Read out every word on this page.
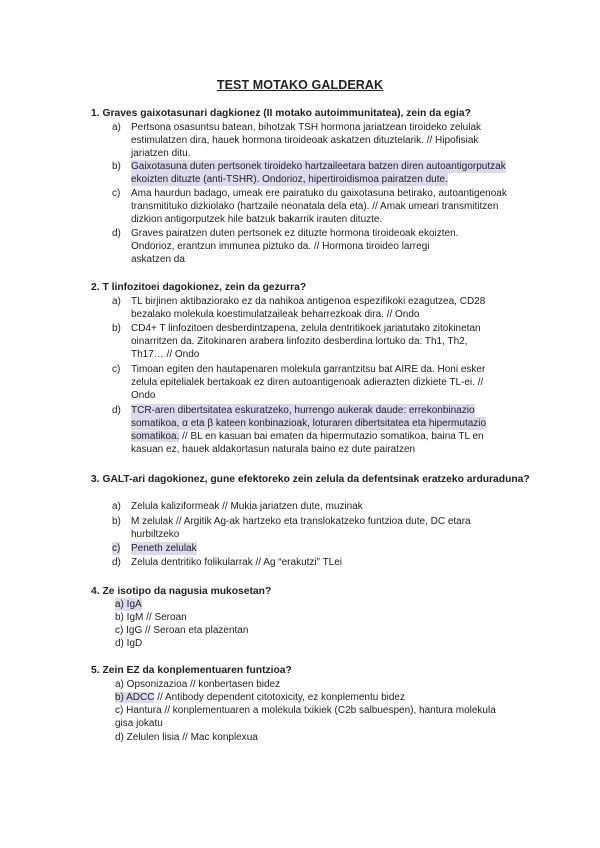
TEST MOTAKO GALDERAK
1. Graves gaixotasunari dagkionez (II motako autoimmunitatea), zein da egia?
a) Pertsona osasuntsu batean, bihotzak TSH hormona jariatzean tiroideko zelulak
estimulatzen dira, hauek hormona tiroideoak askatzen dituztelarik. // Hipofisiak
jariatzen ditu.
b) Gaixotasuna duten pertsonek tiroideko hartzaileetara batzen diren autoantigorputzak
ekoizten dituzte (anti-TSHR). Ondorioz, hipertiroidismoa pairatzen dute.
c) Ama haurdun badago, umeak ere pairatuko du gaixotasuna betirako, autoantigenoak
transmitituko dizkiolako (hartzaile neonatala dela eta). // Amak umeari transmititzen
dizkion antigorputzek hile batzuk bakarrik irauten dituzte.
d) Graves pairatzen duten pertsonek ez dituzte hormona tiroideoak ekoizten.
Ondorioz, erantzun immunea piztuko da. // Hormona tiroideo larregi
askatzen da
2. T linfozitoei dagokionez, zein da gezurra?
a) TL birjinen aktibaziorako ez da nahikoa antigenoa espezifikoki ezagutzea, CD28
bezalako molekula koestimulatzaileak beharrezkoak dira. // Ondo
b) CD4+ T linfozitoen desberdintzapena, zelula dentritikoek jariatutako zitokinetan
oinarritzen da. Zitokinaren arabera linfozito desberdina lortuko da: Th1, Th2,
Th17… // Ondo
c) Timoan egiten den hautapenaren molekula garrantzitsu bat AIRE da. Honi esker
zelula epitelialek bertakoak ez diren autoantigenoak adierazten dizkiete TL-ei. //
Ondo
d) TCR-aren dibertsitatea eskuratzeko, hurrengo aukerak daude: errekonbinazio
somatikoa, α eta β kateen konbinazioak, loturaren dibertsitatea eta hipermutazio
somatikoa. // BL en kasuan bai ematen da hipermutazio somatikoa, baina TL en
kasuan ez, hauek aldakortasun naturala baino ez dute pairatzen
3. GALT-ari dagokionez, gune efektoreko zein zelula da defentsinak eratzeko arduraduna?
a) Zelula kaliziformeak // Mukia jariatzen dute, muzinak
b) M zelulak // Argitik Ag-ak hartzeko eta translokatzeko funtzioa dute, DC etara
hurbiltzeko
c) Peneth zelulak
d) Zelula dentritiko folikularrak // Ag “erakutzi” TLei
4. Ze isotipo da nagusia mukosetan?
a) IgA
b) IgM // Seroan
c) IgG // Seroan eta plazentan
d) IgD
5. Zein EZ da konplementuaren funtzioa?
a) Opsonizazioa // konbertasen bidez
b) ADCC // Antibody dependent citotoxicity, ez konplementu bidez
c) Hantura // konplementuaren a molekula txikiek (C2b salbuespen), hantura molekula
gisa jokatu
d) Zelulen lisia // Mac konplexua
